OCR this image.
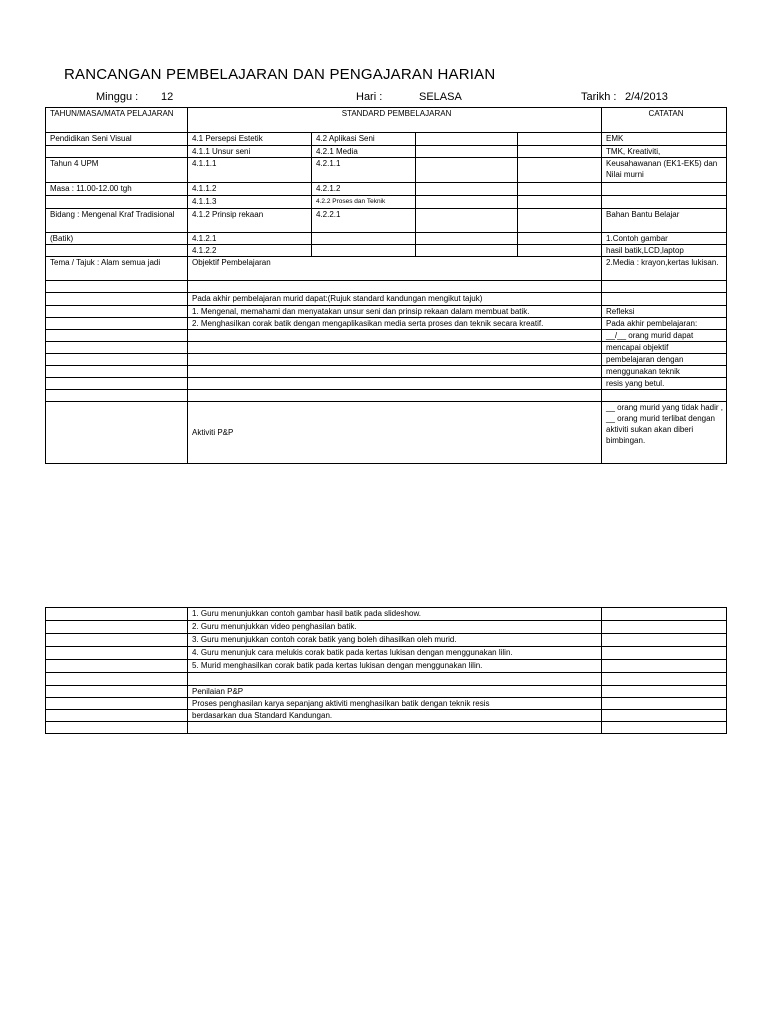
RANCANGAN PEMBELAJARAN DAN PENGAJARAN HARIAN
Minggu : 12	Hari :	SELASA	Tarikh : 2/4/2013
TAHUN/MASA/MATA PELAJARAN	STANDARD PEMBELAJARAN				CATATAN
Pendidikan Seni Visual	4.1 Persepsi Estetik	4.2 Aplikasi Seni			EMK
	4.1.1 Unsur seni	4.2.1 Media			TMK, Kreativiti,
Tahun 4 UPM	4.1.1.1	4.2.1.1			Keusahawanan (EK1-EK5) dan Nilai murni
Masa : 11.00-12.00 tgh	4.1.1.2	4.2.1.2			
	4.1.1.3	4.2.2 Proses dan Teknik			
Bidang : Mengenal Kraf Tradisional	4.1.2 Prinsip rekaan	4.2.2.1			Bahan Bantu Belajar
(Batik)	4.1.2.1				1.Contoh gambar
	4.1.2.2				hasil batik,LCD,laptop
Tema / Tajuk : Alam semua jadi	Objektif Pembelajaran				2.Media : krayon,kertas lukisan.

	Pada akhir pembelajaran murid dapat:(Rujuk standard kandungan mengikut tajuk)				
	1. Mengenal, memahami dan menyatakan unsur seni dan prinsip rekaan dalam membuat batik.				Refleksi
	2. Menghasilkan corak batik dengan mengaplikasikan media serta proses dan teknik secara kreatif.				Pada akhir pembelajaran:
					__/__ orang murid dapat
					mencapai objektif
					pembelajaran dengan
					menggunakan teknik
					resis yang betul.

	Aktiviti P&P				__ orang murid yang tidak hadir , __ orang murid terlibat dengan aktiviti sukan akan diberi bimbingan.
	1. Guru menunjukkan contoh gambar hasil batik pada slideshow.	
	2. Guru menunjukkan video penghasilan batik.	
	3. Guru menunjukkan contoh corak batik yang boleh dihasilkan oleh murid.	
	4. Guru menunjuk cara melukis corak batik pada kertas lukisan dengan menggunakan lilin.	
	5. Murid menghasilkan corak batik pada kertas lukisan dengan menggunakan lilin.	

	Penilaian P&P	
	Proses penghasilan karya sepanjang aktiviti menghasilkan batik dengan teknik resis	
	berdasarkan dua Standard Kandungan.	
